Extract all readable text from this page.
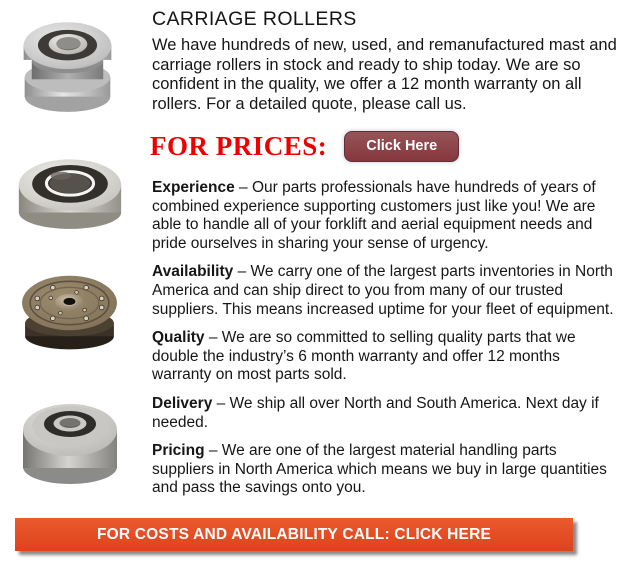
CARRIAGE ROLLERS

We have hundreds of new, used, and remanufactured mast and carriage rollers in stock and ready to ship today. We are so confident in the quality, we offer a 12 month warranty on all rollers. For a detailed quote, please call us.

FOR PRICES:	Click Here

Experience – Our parts professionals have hundreds of years of combined experience supporting customers just like you! We are able to handle all of your forklift and aerial equipment needs and pride ourselves in sharing your sense of urgency.

Availability – We carry one of the largest parts inventories in North America and can ship direct to you from many of our trusted suppliers. This means increased uptime for your fleet of equipment.

Quality – We are so committed to selling quality parts that we double the industry’s 6 month warranty and offer 12 months warranty on most parts sold.

Delivery – We ship all over North and South America. Next day if needed.

Pricing – We are one of the largest material handling parts suppliers in North America which means we buy in large quantities and pass the savings onto you.

FOR COSTS AND AVAILABILITY CALL: CLICK HERE
